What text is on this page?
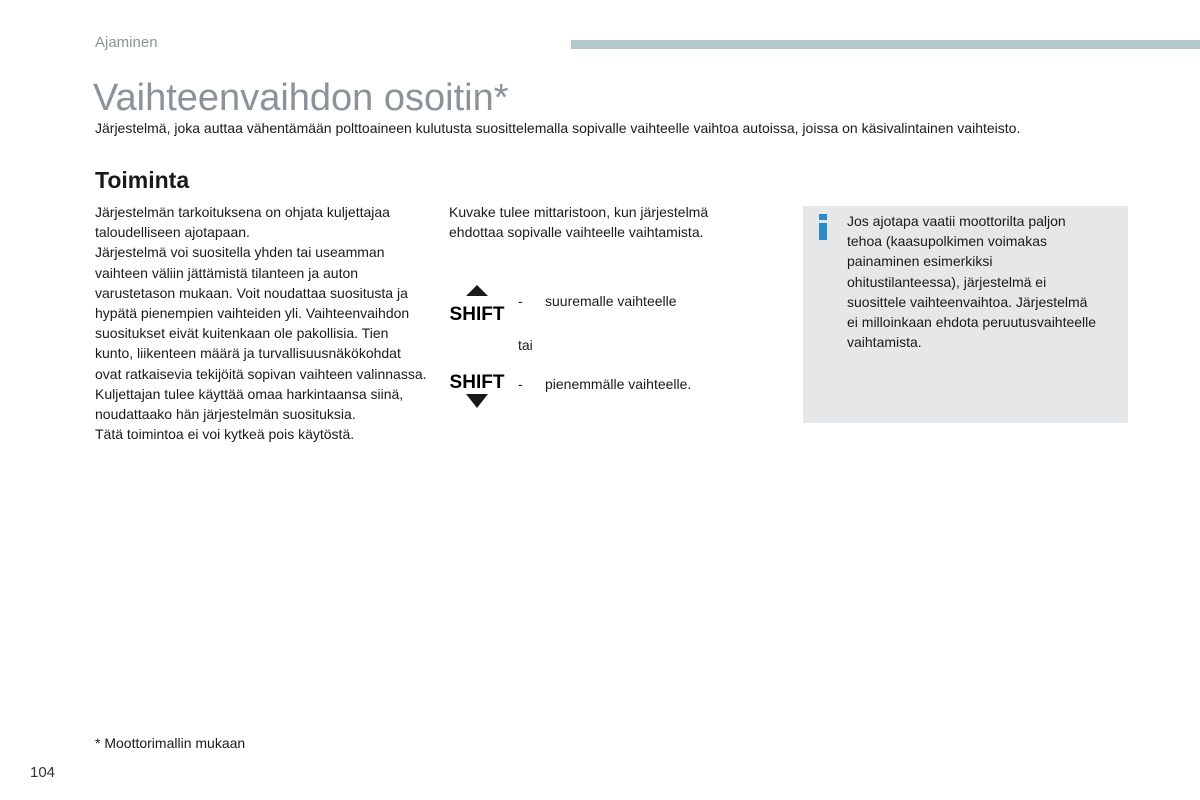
Ajaminen
Vaihteenvaihdon osoitin*
Järjestelmä, joka auttaa vähentämään polttoaineen kulutusta suosittelemalla sopivalle vaihteelle vaihtoa autoissa, joissa on käsivalintainen vaihteisto.
Toiminta

Järjestelmän tarkoituksena on ohjata kuljettajaa taloudelliseen ajotapaan.

Järjestelmä voi suositella yhden tai useamman vaihteen väliin jättämistä tilanteen ja auton varustetason mukaan. Voit noudattaa suositusta ja hypätä pienempien vaihteiden yli. Vaihteenvaihdon suositukset eivät kuitenkaan ole pakollisia. Tien kunto, liikenteen määrä ja turvallisuusnäkökohdat ovat ratkaisevia tekijöitä sopivan vaihteen valinnassa. Kuljettajan tulee käyttää omaa harkintaansa siinä, noudattaako hän järjestelmän suosituksia.

Tätä toimintoa ei voi kytkeä pois käytöstä.

Kuvake tulee mittaristoon, kun järjestelmä ehdottaa sopivalle vaihteelle vaihtamista.
SHIFT
SHIFT
- suuremalle vaihteelle
tai
- pienemmälle vaihteelle.
Jos ajotapa vaatii moottorilta paljon tehoa (kaasupolkimen voimakas painaminen esimerkiksi ohitustilanteessa), järjestelmä ei suosittele vaihteenvaihtoa. Järjestelmä ei milloinkaan ehdota peruutusvaihteelle vaihtamista.
* Moottorimallin mukaan
104
